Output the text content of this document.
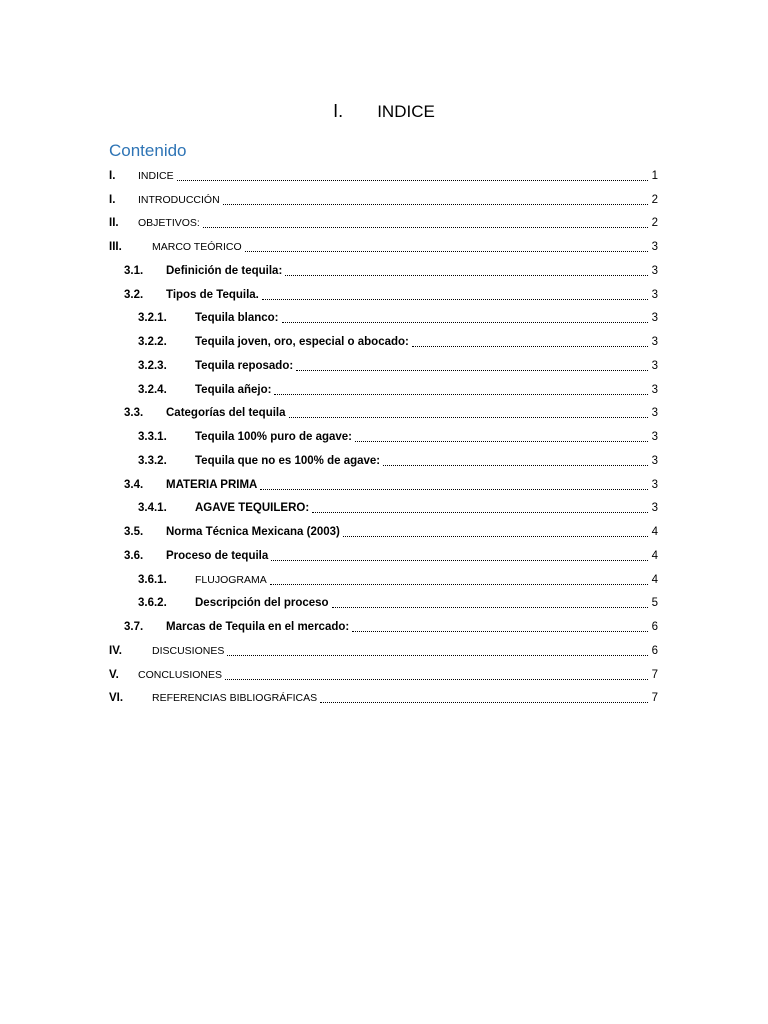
I. INDICE
Contenido
I. INDICE	1
I. INTRODUCCIÓN	2
II. OBJETIVOS:	2
III.	MARCO TEÓRICO	3
3.1. Definición de tequila:	3
3.2. Tipos de Tequila.	3
3.2.1. Tequila blanco:	3
3.2.2. Tequila joven, oro, especial o abocado:	3
3.2.3. Tequila reposado:	3
3.2.4. Tequila añejo:	3
3.3. Categorías del tequila	3
3.3.1. Tequila 100% puro de agave:	3
3.3.2. Tequila que no es 100% de agave:	3
3.4. MATERIA PRIMA	3
3.4.1. AGAVE TEQUILERO:	3
3.5. Norma Técnica Mexicana (2003)	4
3.6. Proceso de tequila	4
3.6.1.	FLUJOGRAMA	4
3.6.2. Descripción del proceso	5
3.7. Marcas de Tequila en el mercado:	6
IV.	DISCUSIONES	6
V. CONCLUSIONES	7
VI.	REFERENCIAS BIBLIOGRÁFICAS	7
